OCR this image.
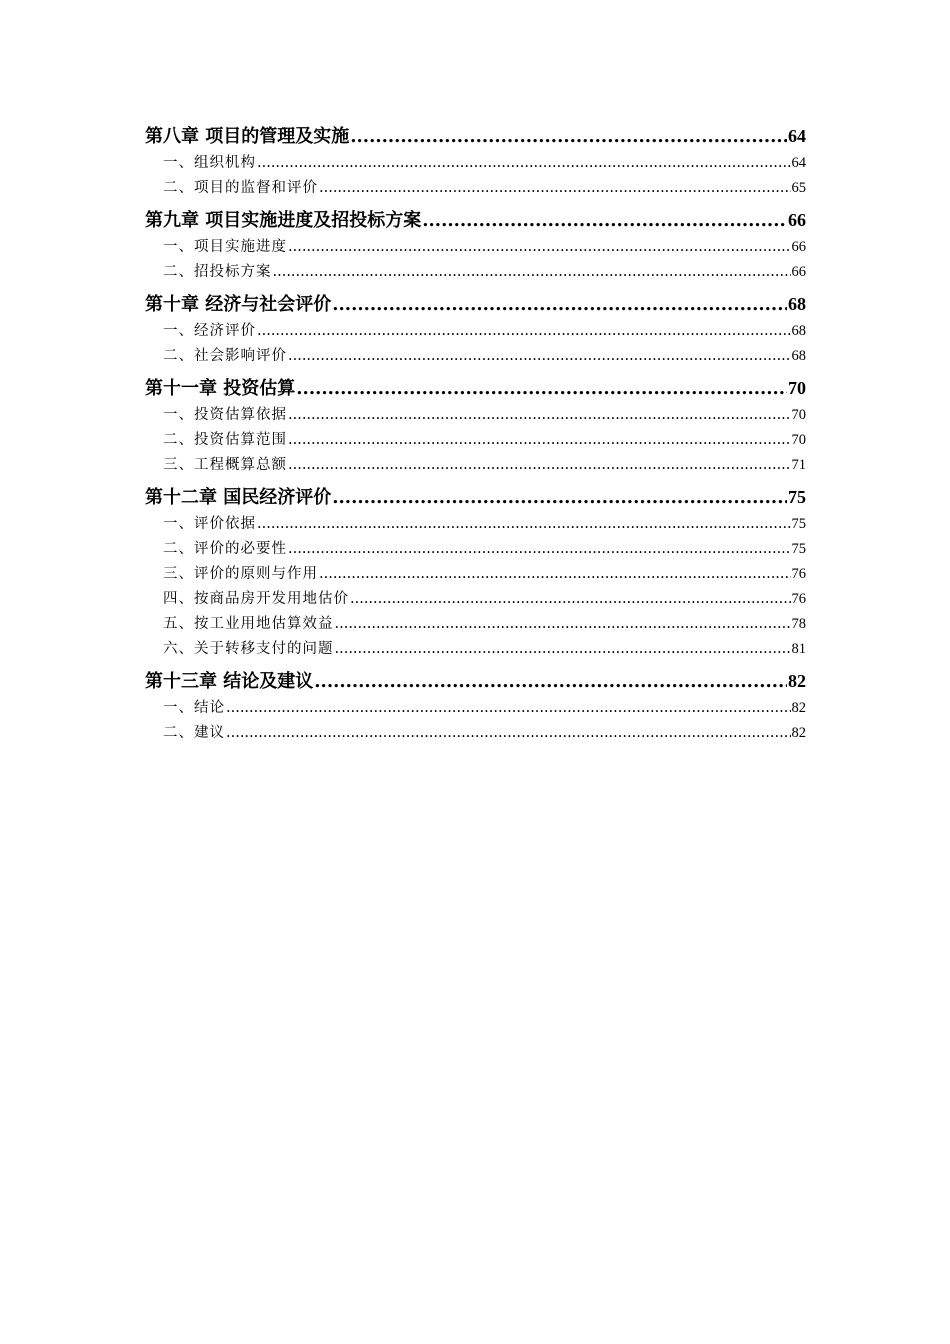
第八章 项目的管理及实施 .....	64
一、组织机构 .....	64
二、项目的监督和评价 .....	65
第九章 项目实施进度及招投标方案 .....	66
一、项目实施进度 .....	66
二、招投标方案 .....	66
第十章 经济与社会评价 .....	68
一、经济评价 .....	68
二、社会影响评价 .....	68
第十一章 投资估算 .....	70
一、投资估算依据 .....	70
二、投资估算范围 .....	70
三、工程概算总额 .....	71
第十二章 国民经济评价 .....	75
一、评价依据 .....	75
二、评价的必要性 .....	75
三、评价的原则与作用 .....	76
四、按商品房开发用地估价 .....	76
五、按工业用地估算效益 .....	78
六、关于转移支付的问题 .....	81
第十三章 结论及建议 .....	82
一、结论 .....	82
二、建议 .....	82
